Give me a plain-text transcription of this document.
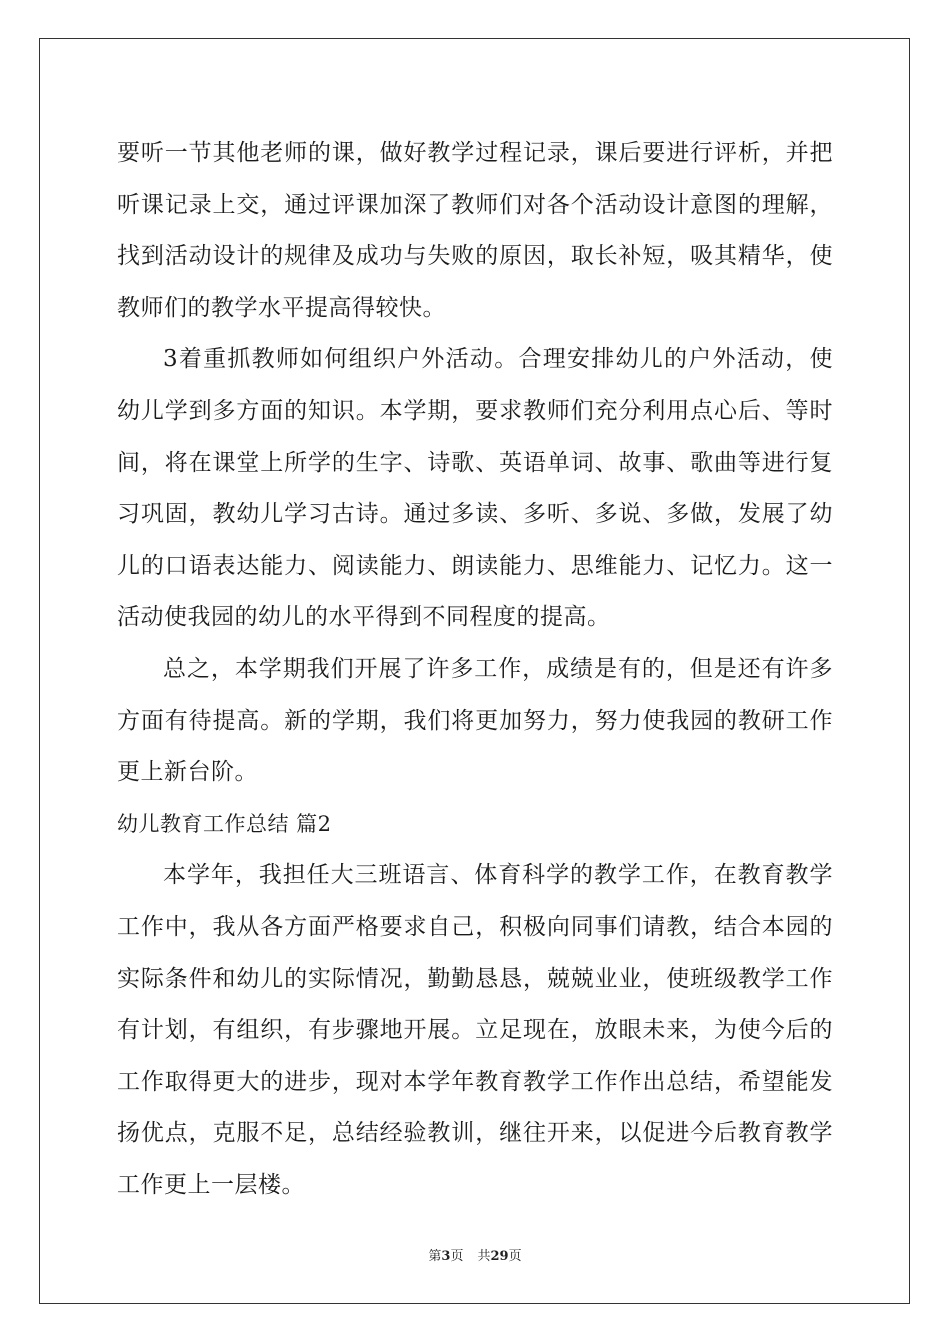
要听一节其他老师的课，做好教学过程记录，课后要进行评析，并把
听课记录上交，通过评课加深了教师们对各个活动设计意图的理解，
找到活动设计的规律及成功与失败的原因，取长补短，吸其精华，使
教师们的教学水平提高得较快。
3着重抓教师如何组织户外活动。合理安排幼儿的户外活动，使
幼儿学到多方面的知识。本学期，要求教师们充分利用点心后、等时
间，将在课堂上所学的生字、诗歌、英语单词、故事、歌曲等进行复
习巩固，教幼儿学习古诗。通过多读、多听、多说、多做，发展了幼
儿的口语表达能力、阅读能力、朗读能力、思维能力、记忆力。这一
活动使我园的幼儿的水平得到不同程度的提高。
总之，本学期我们开展了许多工作，成绩是有的，但是还有许多
方面有待提高。新的学期，我们将更加努力，努力使我园的教研工作
更上新台阶。
幼儿教育工作总结 篇2
本学年，我担任大三班语言、体育科学的教学工作，在教育教学
工作中，我从各方面严格要求自己，积极向同事们请教，结合本园的
实际条件和幼儿的实际情况，勤勤恳恳，兢兢业业，使班级教学工作
有计划，有组织，有步骤地开展。立足现在，放眼未来，为使今后的
工作取得更大的进步，现对本学年教育教学工作作出总结，希望能发
扬优点，克服不足，总结经验教训，继往开来，以促进今后教育教学
工作更上一层楼。
第3页 共29页
